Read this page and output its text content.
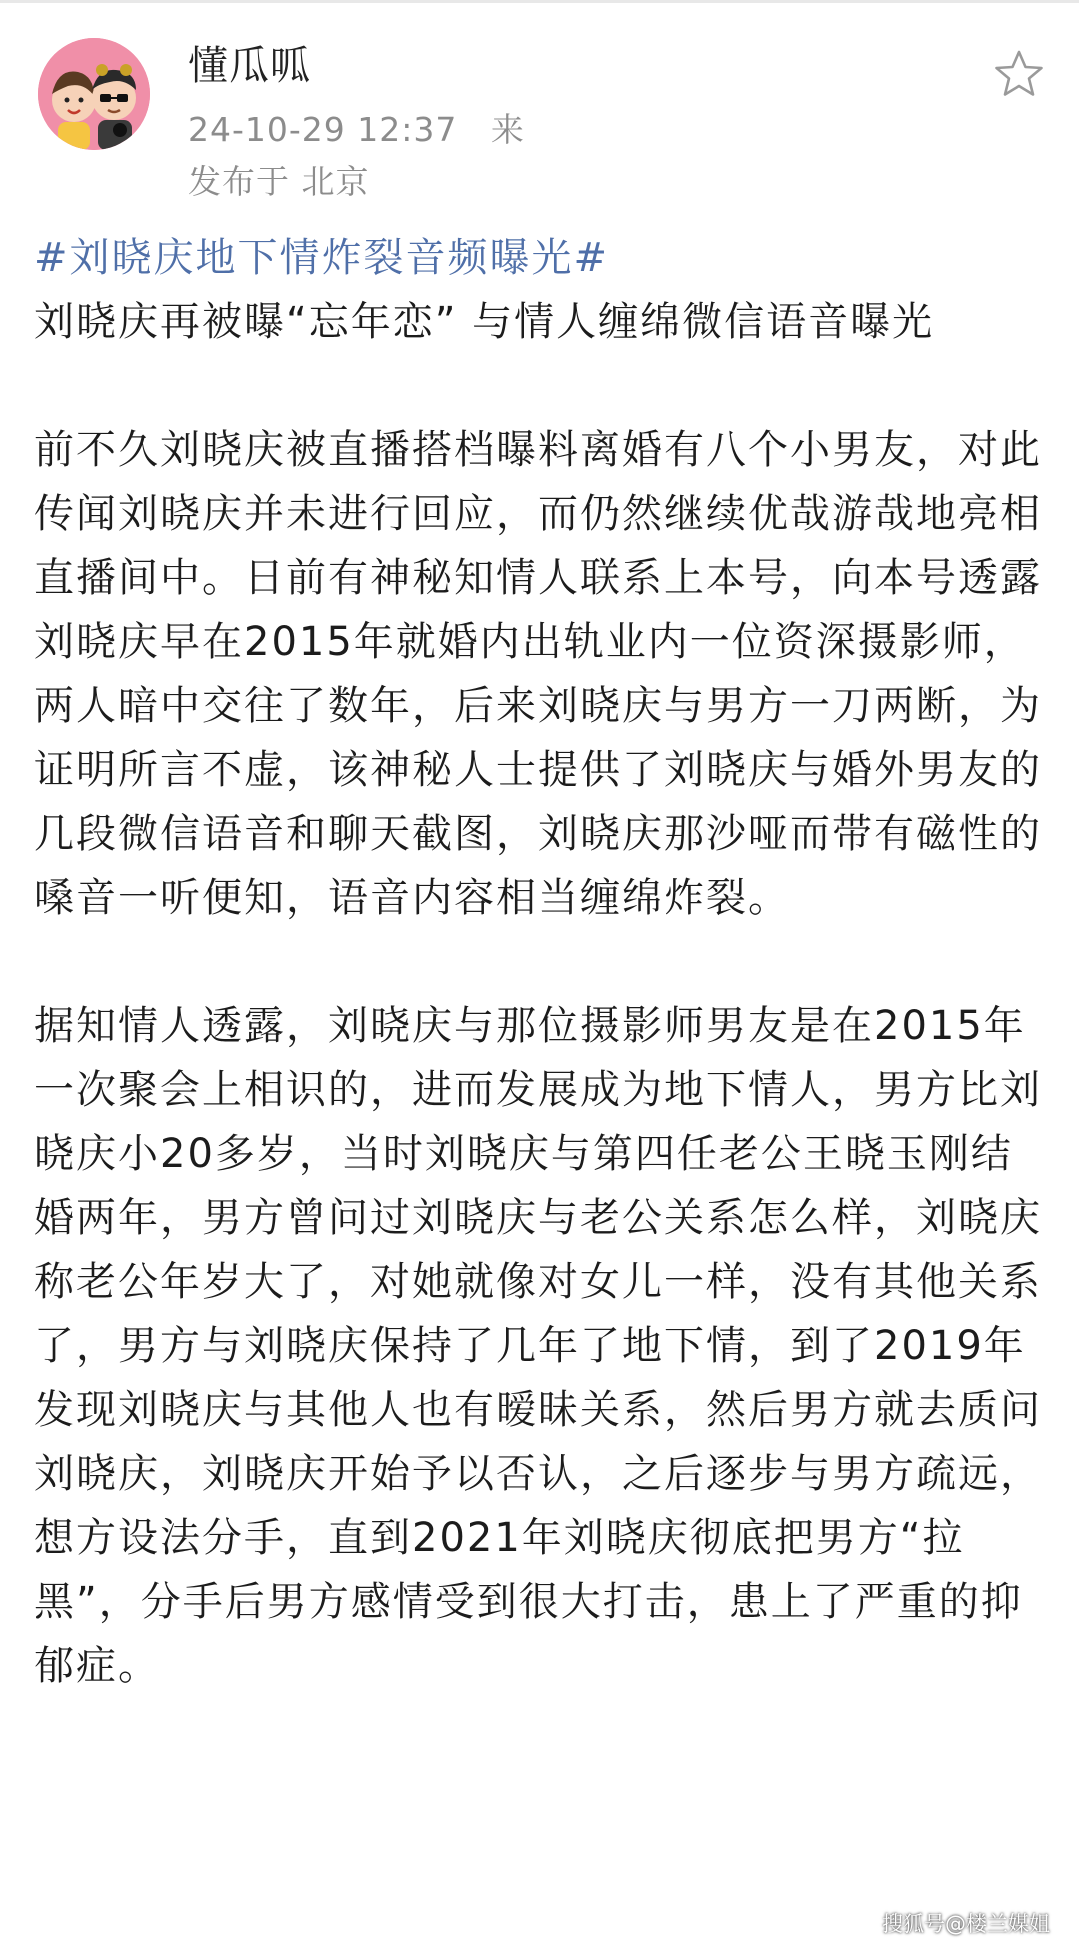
懂瓜呱
24-10-29 12:37 来
发布于 北京

#刘晓庆地下情炸裂音频曝光#

刘晓庆再被曝“忘年恋” 与情人缠绵微信语音曝光

前不久刘晓庆被直播搭档曝料离婚有八个小男友，对此传闻刘晓庆并未进行回应，而仍然继续优哉游哉地亮相直播间中。日前有神秘知情人联系上本号，向本号透露刘晓庆早在2015年就婚内出轨业内一位资深摄影师，两人暗中交往了数年，后来刘晓庆与男方一刀两断，为证明所言不虚，该神秘人士提供了刘晓庆与婚外男友的几段微信语音和聊天截图，刘晓庆那沙哑而带有磁性的嗓音一听便知，语音内容相当缠绵炸裂。

据知情人透露，刘晓庆与那位摄影师男友是在2015年一次聚会上相识的，进而发展成为地下情人，男方比刘晓庆小20多岁，当时刘晓庆与第四任老公王晓玉刚结婚两年，男方曾问过刘晓庆与老公关系怎么样，刘晓庆称老公年岁大了，对她就像对女儿一样，没有其他关系了，男方与刘晓庆保持了几年了地下情，到了2019年发现刘晓庆与其他人也有暧昧关系，然后男方就去质问刘晓庆，刘晓庆开始予以否认，之后逐步与男方疏远，想方设法分手，直到2021年刘晓庆彻底把男方“拉黑”，分手后男方感情受到很大打击，患上了严重的抑郁症。

搜狐号@楼兰媒姐
